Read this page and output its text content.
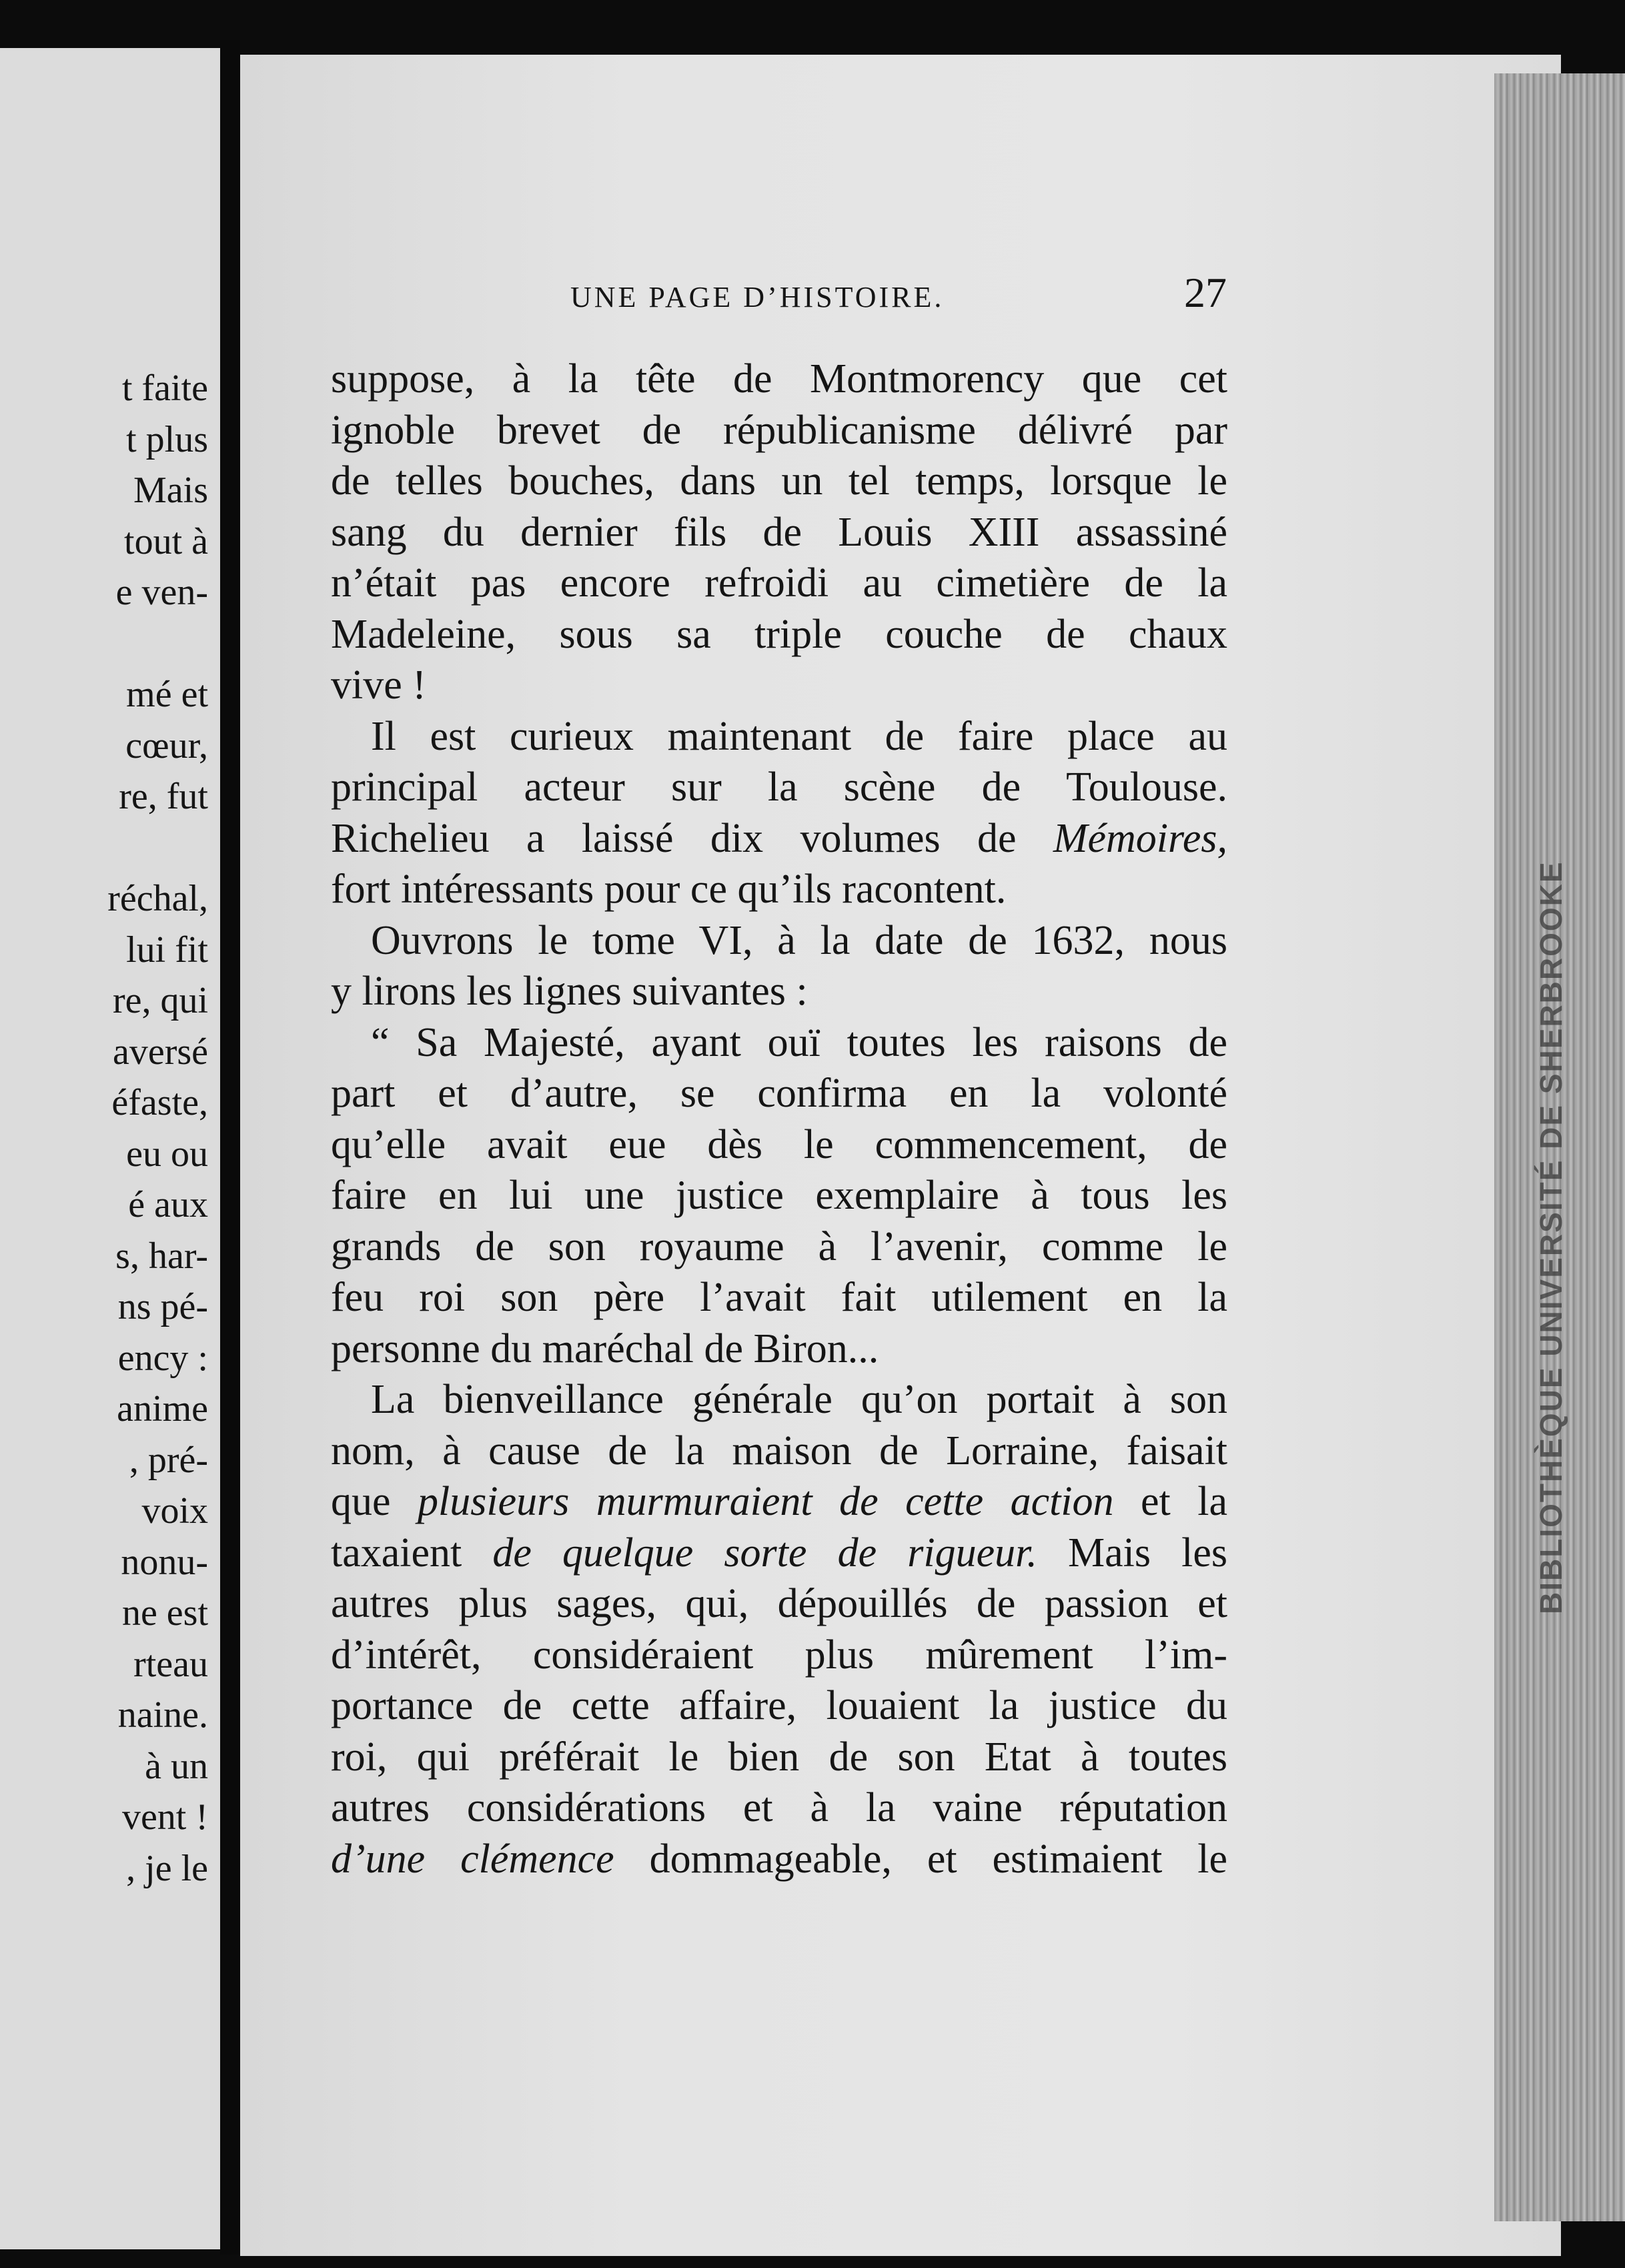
t faite
t plus
Mais
tout à
e ven-
mé et
cœur,
re, fut
réchal,
lui fit
re, qui
aversé
éfaste,
eu ou
é aux
s, har-
ns pé-
ency :
anime
, pré-
voix
nonu-
ne est
rteau
naine.
à un
vent !
, je le
BIBLIOTHÈQUE UNIVERSITÉ DE SHERBROOKE
UNE PAGE D’HISTOIRE.	27
suppose, à la tête de Montmorency que cet
ignoble brevet de républicanisme délivré par
de telles bouches, dans un tel temps, lorsque le
sang du dernier fils de Louis XIII assassiné
n’était pas encore refroidi au cimetière de la
Madeleine, sous sa triple couche de chaux
vive !
Il est curieux maintenant de faire place au
principal acteur sur la scène de Toulouse.
Richelieu a laissé dix volumes de Mémoires,
fort intéressants pour ce qu’ils racontent.
Ouvrons le tome VI, à la date de 1632, nous
y lirons les lignes suivantes :
“ Sa Majesté, ayant ouï toutes les raisons de
part et d’autre, se confirma en la volonté
qu’elle avait eue dès le commencement, de
faire en lui une justice exemplaire à tous les
grands de son royaume à l’avenir, comme le
feu roi son père l’avait fait utilement en la
personne du maréchal de Biron...
La bienveillance générale qu’on portait à son
nom, à cause de la maison de Lorraine, faisait
que plusieurs murmuraient de cette action et la
taxaient de quelque sorte de rigueur. Mais les
autres plus sages, qui, dépouillés de passion et
d’intérêt, considéraient plus mûrement l’im-
portance de cette affaire, louaient la justice du
roi, qui préférait le bien de son Etat à toutes
autres considérations et à la vaine réputation
d’une clémence dommageable, et estimaient le
